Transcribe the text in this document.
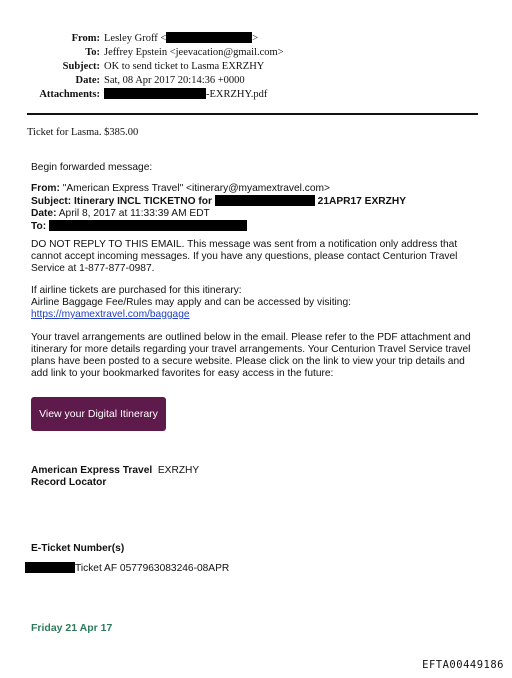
From: Lesley Groff <	>
To: Jeffrey Epstein <jeevacation@gmail.com>
Subject: OK to send ticket to Lasma EXRZHY
Date: Sat, 08 Apr 2017 20:14:36 +0000
Attachments:	-EXRZHY.pdf
Ticket for Lasma. $385.00
Begin forwarded message:
From: "American Express Travel" <itinerary@myamextravel.com>
Subject: Itinerary INCL TICKETNO for	21APR17 EXRZHY
Date: April 8, 2017 at 11:33:39 AM EDT
To:
DO NOT REPLY TO THIS EMAIL. This message was sent from a notification only address that
cannot accept incoming messages. If you have any questions, please contact Centurion Travel
Service at 1-877-877-0987.
If airline tickets are purchased for this itinerary:
Airline Baggage Fee/Rules may apply and can be accessed by visiting:
https://myamextravel.com/baggage
Your travel arrangements are outlined below in the email. Please refer to the PDF attachment and
itinerary for more details regarding your travel arrangements. Your Centurion Travel Service travel
plans have been posted to a secure website. Please click on the link to view your trip details and
add link to your bookmarked favorites for easy access in the future:
View your Digital Itinerary
American Express Travel EXRZHY
Record Locator
E-Ticket Number(s)
Ticket AF 0577963083246-08APR
Friday 21 Apr 17
EFTA00449186
